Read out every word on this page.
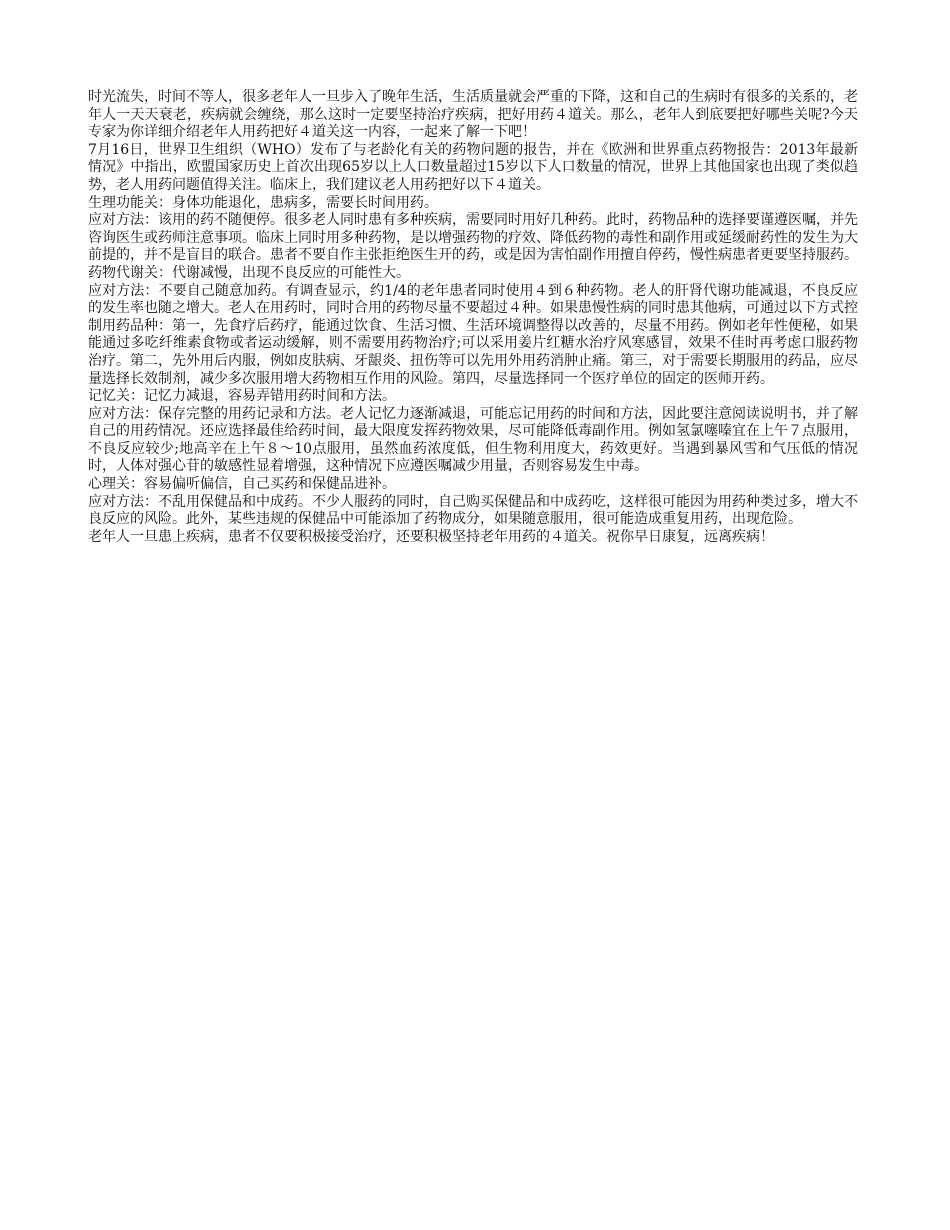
时光流失，时间不等人，很多老年人一旦步入了晚年生活，生活质量就会严重的下降，这和自己的生病时有很多的关系的，老年人一天天衰老，疾病就会缠绕，那么这时一定要坚持治疗疾病，把好用药４道关。那么，老年人到底要把好哪些关呢?今天专家为你详细介绍老年人用药把好４道关这一内容，一起来了解一下吧！

7月16日，世界卫生组织（WHO）发布了与老龄化有关的药物问题的报告，并在《欧洲和世界重点药物报告：2013年最新情况》中指出，欧盟国家历史上首次出现65岁以上人口数量超过15岁以下人口数量的情况，世界上其他国家也出现了类似趋势，老人用药问题值得关注。临床上，我们建议老人用药把好以下４道关。

生理功能关：身体功能退化，患病多，需要长时间用药。

应对方法：该用的药不随便停。很多老人同时患有多种疾病，需要同时用好几种药。此时，药物品种的选择要谨遵医嘱，并先咨询医生或药师注意事项。临床上同时用多种药物，是以增强药物的疗效、降低药物的毒性和副作用或延缓耐药性的发生为大前提的，并不是盲目的联合。患者不要自作主张拒绝医生开的药，或是因为害怕副作用擅自停药，慢性病患者更要坚持服药。

药物代谢关：代谢减慢，出现不良反应的可能性大。

应对方法：不要自己随意加药。有调查显示，约1/4的老年患者同时使用４到６种药物。老人的肝肾代谢功能减退，不良反应的发生率也随之增大。老人在用药时，同时合用的药物尽量不要超过４种。如果患慢性病的同时患其他病，可通过以下方式控制用药品种：第一，先食疗后药疗，能通过饮食、生活习惯、生活环境调整得以改善的，尽量不用药。例如老年性便秘，如果能通过多吃纤维素食物或者运动缓解，则不需要用药物治疗;可以采用姜片红糖水治疗风寒感冒，效果不佳时再考虑口服药物治疗。第二，先外用后内服，例如皮肤病、牙龈炎、扭伤等可以先用外用药消肿止痛。第三，对于需要长期服用的药品，应尽量选择长效制剂，减少多次服用增大药物相互作用的风险。第四，尽量选择同一个医疗单位的固定的医师开药。

记忆关：记忆力减退，容易弄错用药时间和方法。

应对方法：保存完整的用药记录和方法。老人记忆力逐渐减退，可能忘记用药的时间和方法，因此要注意阅读说明书，并了解自己的用药情况。还应选择最佳给药时间，最大限度发挥药物效果，尽可能降低毒副作用。例如氢氯噻嗪宜在上午７点服用，不良反应较少;地高辛在上午８～10点服用，虽然血药浓度低，但生物利用度大，药效更好。当遇到暴风雪和气压低的情况时，人体对强心苷的敏感性显着增强，这种情况下应遵医嘱减少用量，否则容易发生中毒。

心理关：容易偏听偏信，自己买药和保健品进补。

应对方法：不乱用保健品和中成药。不少人服药的同时，自己购买保健品和中成药吃，这样很可能因为用药种类过多，增大不良反应的风险。此外，某些违规的保健品中可能添加了药物成分，如果随意服用，很可能造成重复用药，出现危险。

老年人一旦患上疾病，患者不仅要积极接受治疗，还要积极坚持老年用药的４道关。祝你早日康复，远离疾病！
